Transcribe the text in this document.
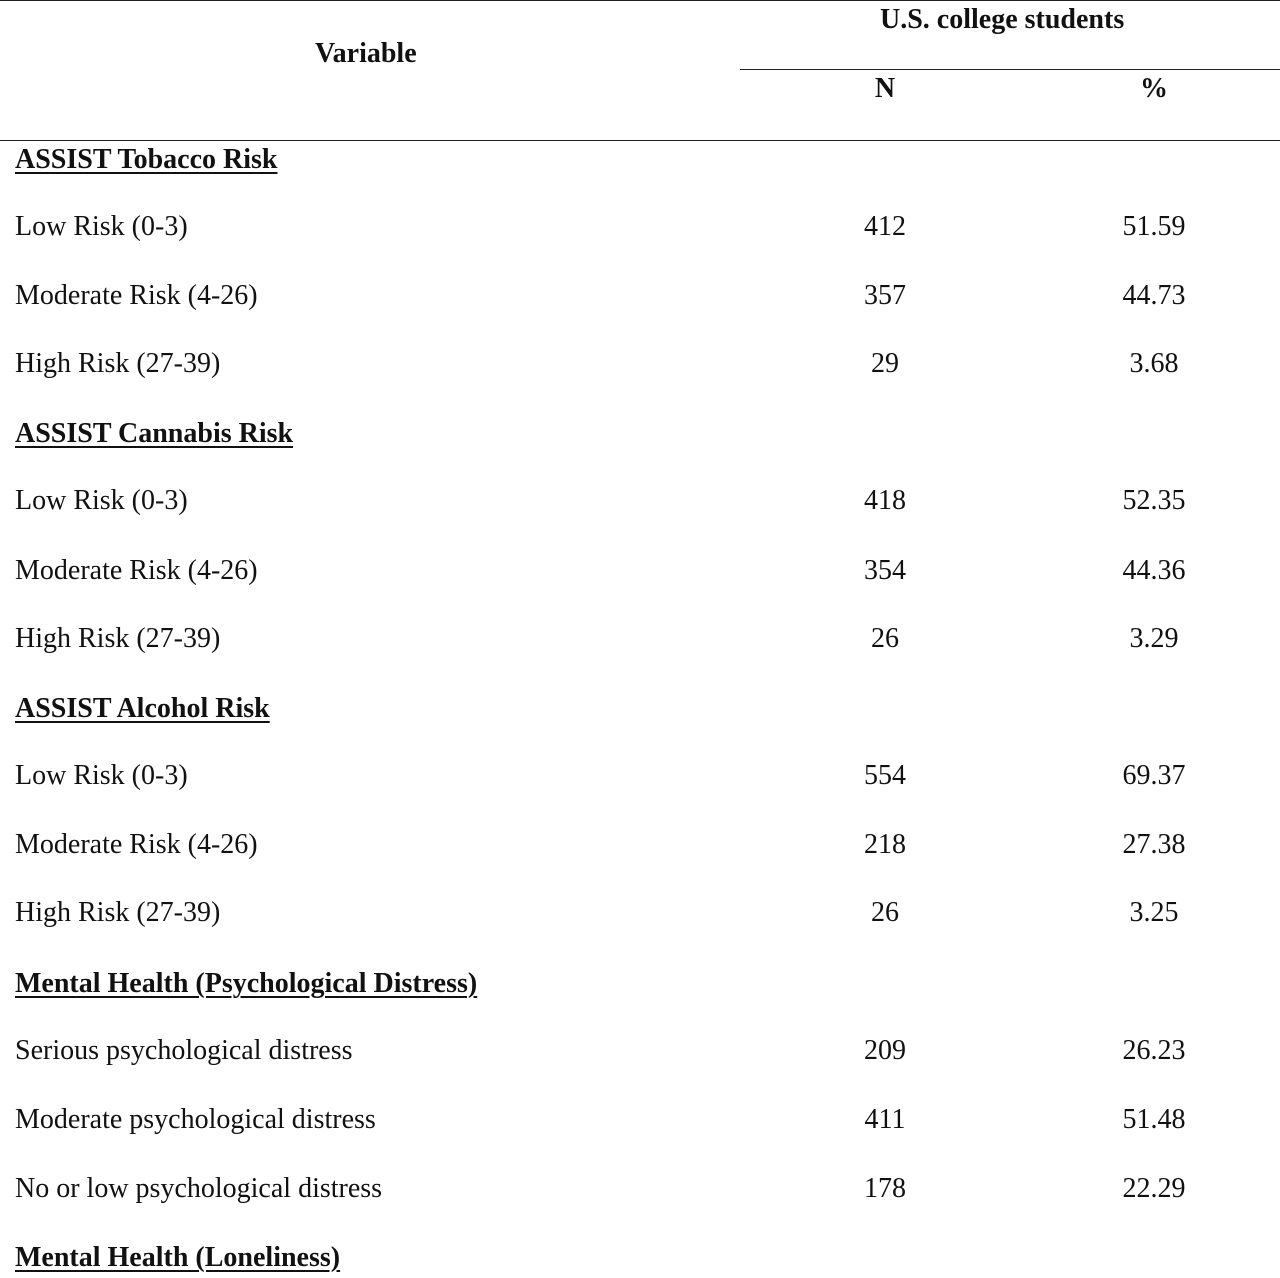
Variable
U.S. college students
N	%
ASSIST Tobacco Risk
Low Risk (0-3)	412	51.59
Moderate Risk (4-26)	357	44.73
High Risk (27-39)	29	3.68
ASSIST Cannabis Risk
Low Risk (0-3)	418	52.35
Moderate Risk (4-26)	354	44.36
High Risk (27-39)	26	3.29
ASSIST Alcohol Risk
Low Risk (0-3)	554	69.37
Moderate Risk (4-26)	218	27.38
High Risk (27-39)	26	3.25
Mental Health (Psychological Distress)
Serious psychological distress	209	26.23
Moderate psychological distress	411	51.48
No or low psychological distress	178	22.29
Mental Health (Loneliness)
